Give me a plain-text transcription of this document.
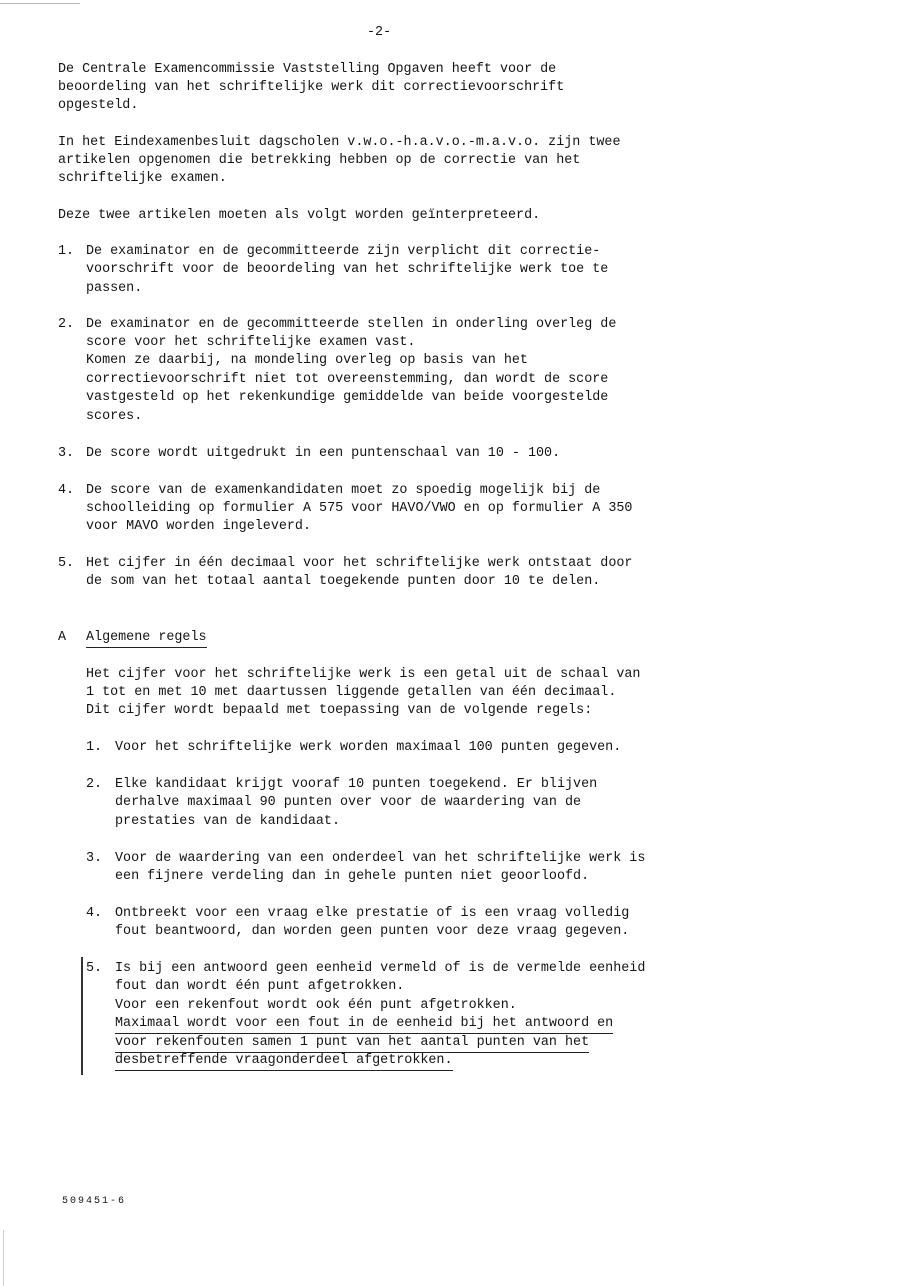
-2-
De Centrale Examencommissie Vaststelling Opgaven heeft voor de
beoordeling van het schriftelijke werk dit correctievoorschrift
opgesteld.
In het Eindexamenbesluit dagscholen v.w.o.-h.a.v.o.-m.a.v.o. zijn twee
artikelen opgenomen die betrekking hebben op de correctie van het
schriftelijke examen.
Deze twee artikelen moeten als volgt worden geïnterpreteerd.
1. De examinator en de gecommitteerde zijn verplicht dit correctie-
voorschrift voor de beoordeling van het schriftelijke werk toe te
passen.
2. De examinator en de gecommitteerde stellen in onderling overleg de
score voor het schriftelijke examen vast.
Komen ze daarbij, na mondeling overleg op basis van het
correctievoorschrift niet tot overeenstemming, dan wordt de score
vastgesteld op het rekenkundige gemiddelde van beide voorgestelde
scores.
3. De score wordt uitgedrukt in een puntenschaal van 10 - 100.
4. De score van de examenkandidaten moet zo spoedig mogelijk bij de
schoolleiding op formulier A 575 voor HAVO/VWO en op formulier A 350
voor MAVO worden ingeleverd.
5. Het cijfer in één decimaal voor het schriftelijke werk ontstaat door
de som van het totaal aantal toegekende punten door 10 te delen.
A Algemene regels
Het cijfer voor het schriftelijke werk is een getal uit de schaal van
1 tot en met 10 met daartussen liggende getallen van één decimaal.
Dit cijfer wordt bepaald met toepassing van de volgende regels:
1. Voor het schriftelijke werk worden maximaal 100 punten gegeven.
2. Elke kandidaat krijgt vooraf 10 punten toegekend. Er blijven
derhalve maximaal 90 punten over voor de waardering van de
prestaties van de kandidaat.
3. Voor de waardering van een onderdeel van het schriftelijke werk is
een fijnere verdeling dan in gehele punten niet geoorloofd.
4. Ontbreekt voor een vraag elke prestatie of is een vraag volledig
fout beantwoord, dan worden geen punten voor deze vraag gegeven.
5. Is bij een antwoord geen eenheid vermeld of is de vermelde eenheid
fout dan wordt één punt afgetrokken.
Voor een rekenfout wordt ook één punt afgetrokken.
Maximaal wordt voor een fout in de eenheid bij het antwoord en
voor rekenfouten samen 1 punt van het aantal punten van het
desbetreffende vraagonderdeel afgetrokken.
509451-6
